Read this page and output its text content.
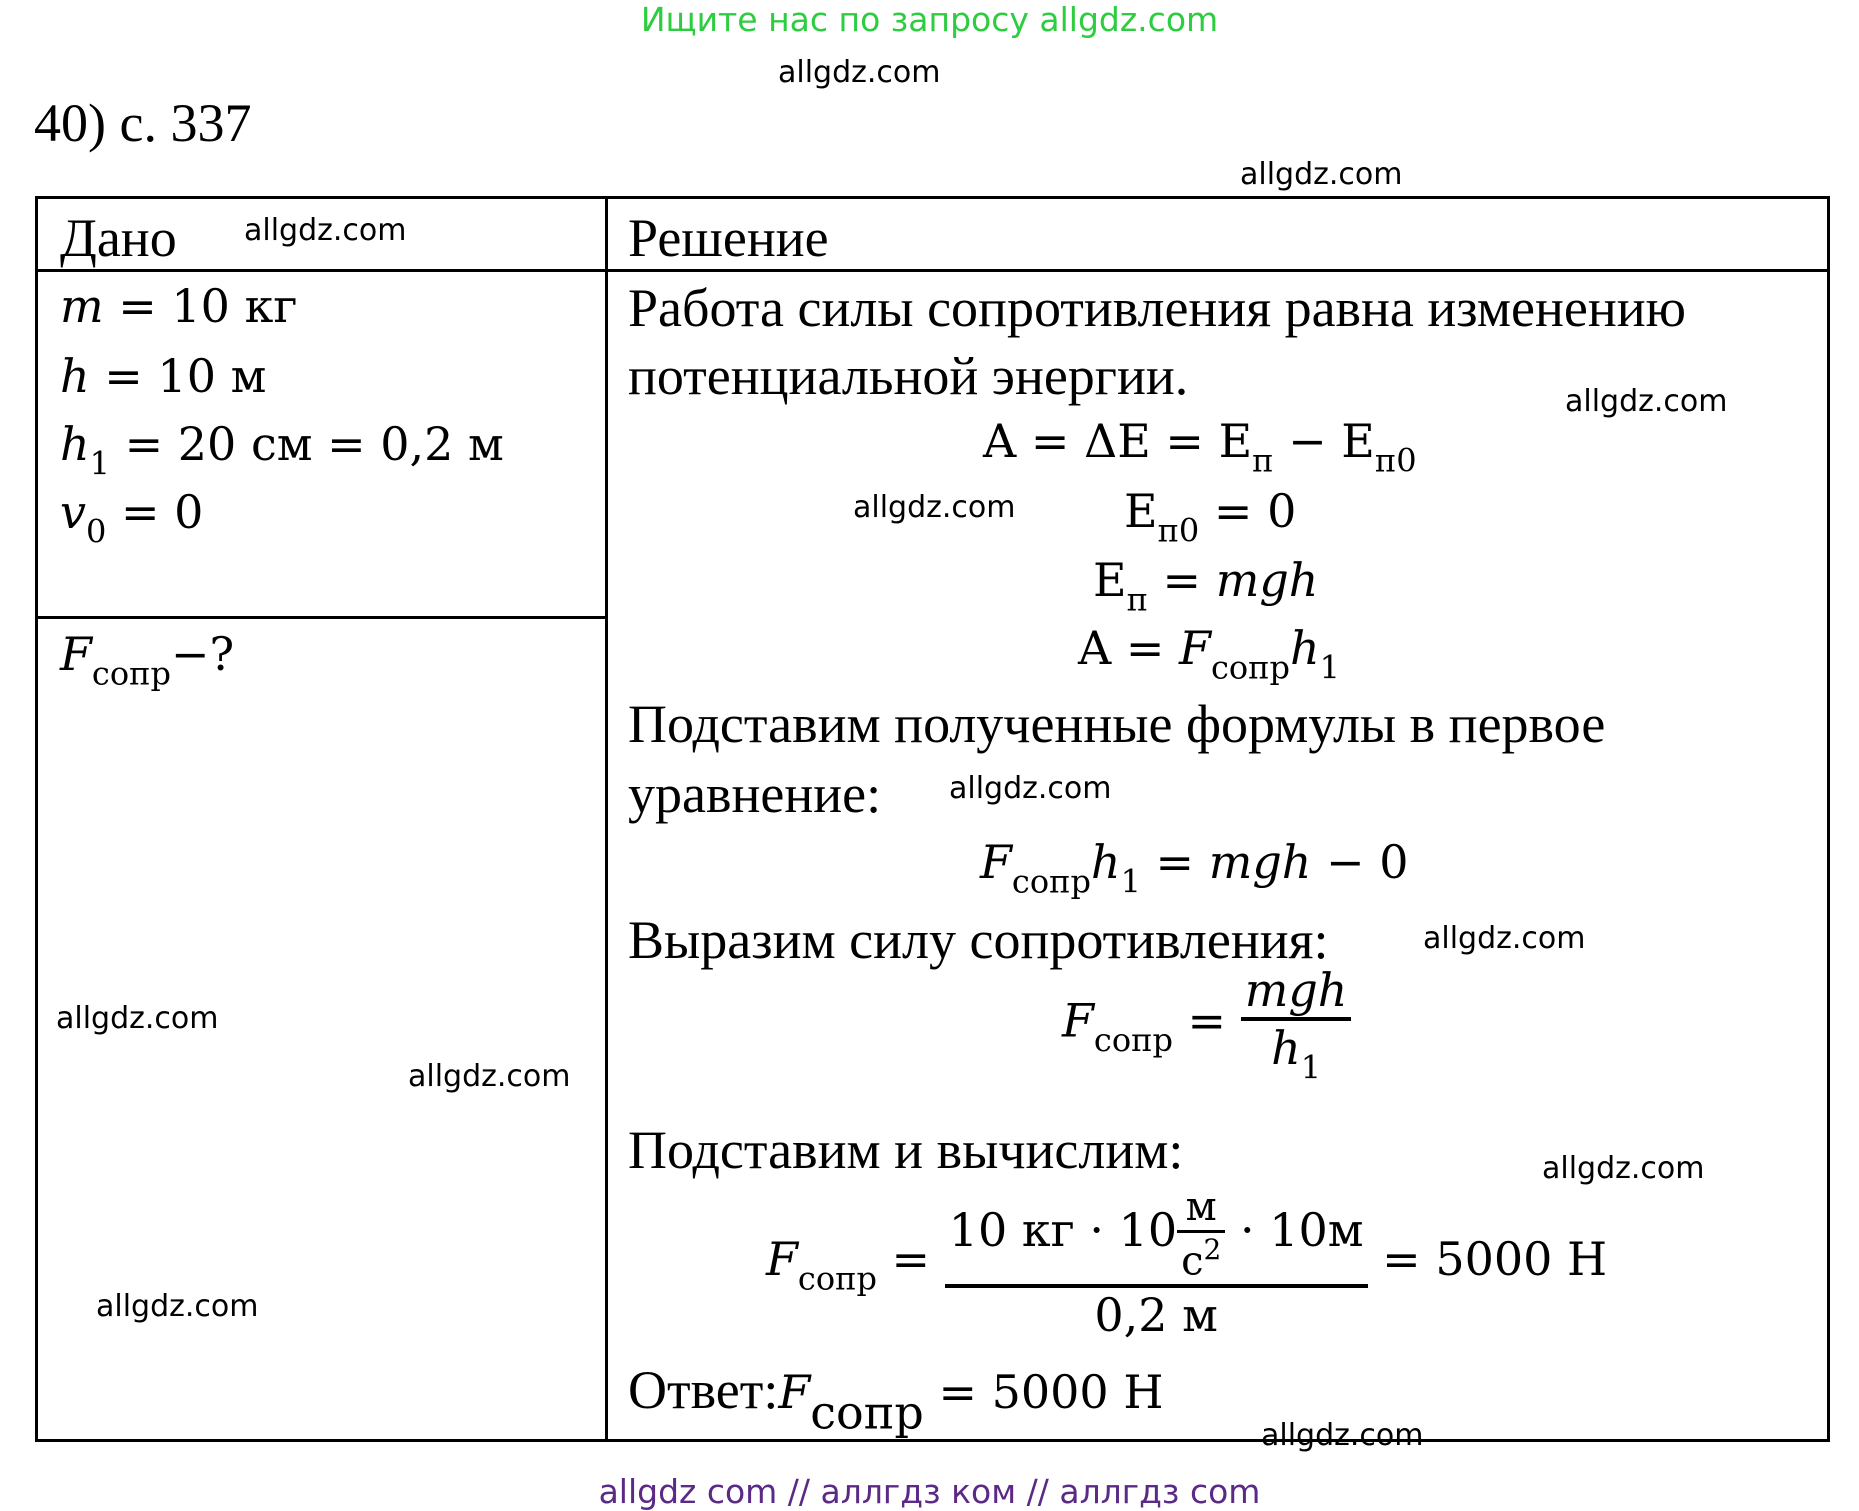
Ищите нас по запросу allgdz.com
allgdz.com
allgdz.com
40) с. 337
Дано allgdz.com	Решение
m = 10 кг
h = 10 м
$h_1 = 20$ см = 0,2 м
$v_0 = 0$
$F_{сопр}-$?
allgdz.com
allgdz.com
allgdz.com
Работа силы сопротивления равна изменению
потенциальной энергии.	allgdz.com
$A = \Delta E = E_п - E_{п0}$
allgdz.com $E_{п0} = 0$
$E_п$ = mgh
$A = F_{сопр}h_1$
Подставим полученные формулы в первое
уравнение: allgdz.com
$F_{сопр}h_1$ = mgh − 0
Выразим силу сопротивления:	allgdz.com
$F_{сопр} = \frac{\text{mgh}}{h_1}$
Подставим и вычислим:	allgdz.com
$F_{сопр} = \frac{10 кг \cdot 10 \frac{м}{с^2} \cdot 10м}{0,2 м} = 5000$ Н
$Ответ:F_{сопр} = 5000$ Н
allgdz.com
allgdz com // аллгдз ком // аллгдз com
